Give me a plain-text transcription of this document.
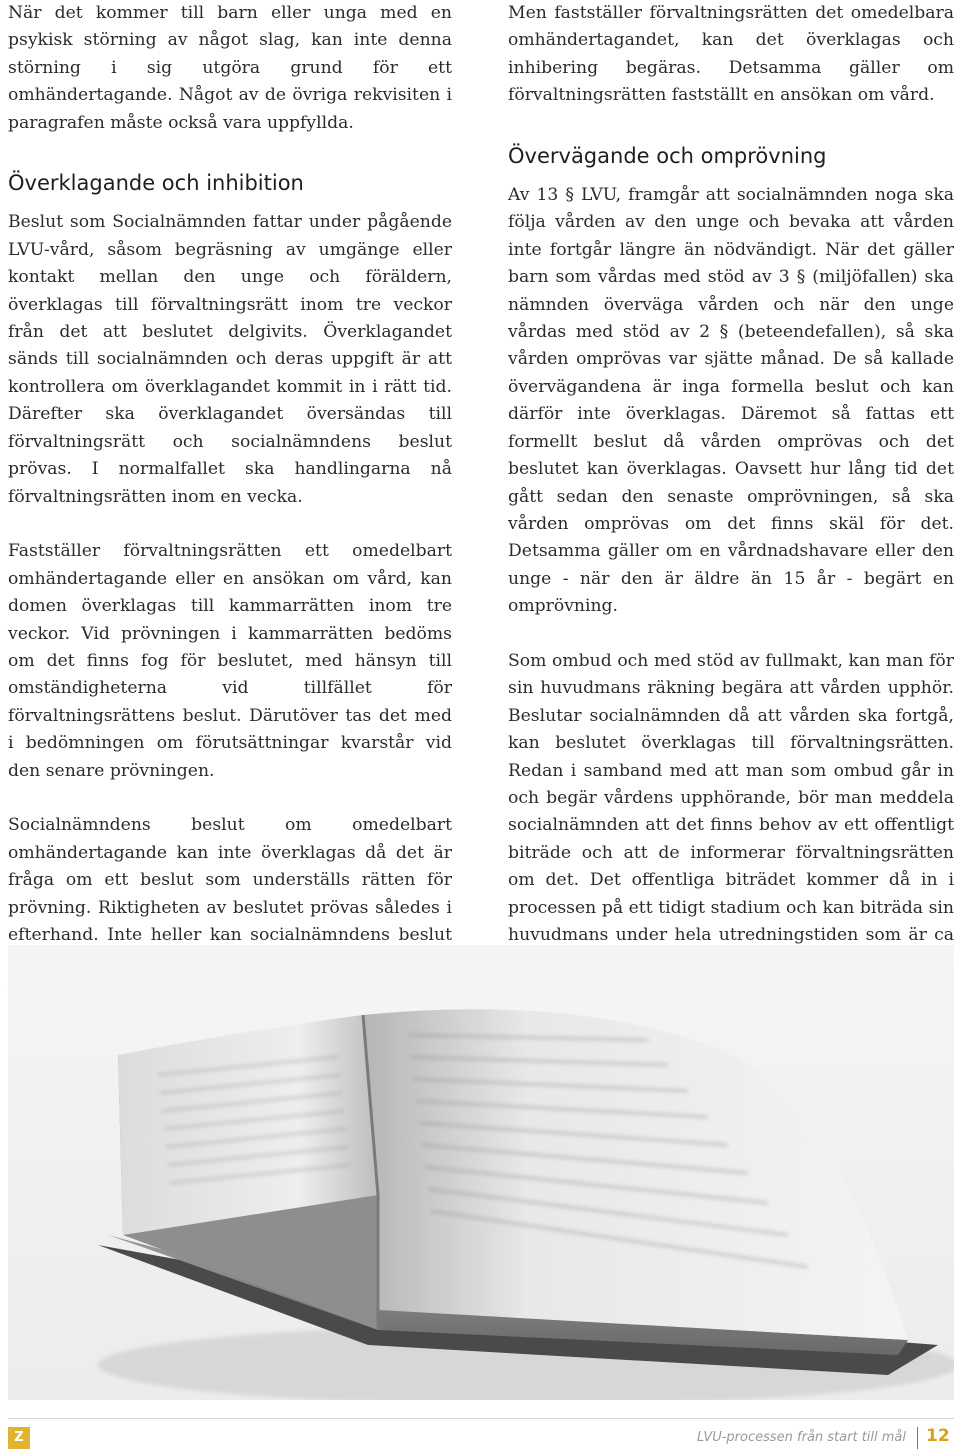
När det kommer till barn eller unga med en psykisk störning av något slag, kan inte denna störning i sig utgöra grund för ett omhändertagande. Något av de övriga rekvisiten i paragrafen måste också vara uppfyllda.

Överklagande och inhibition

Beslut som Socialnämnden fattar under pågående LVU-vård, såsom begräsning av umgänge eller kontakt mellan den unge och föräldern, överklagas till förvaltningsrätt inom tre veckor från det att beslutet delgivits. Överklagandet sänds till socialnämnden och deras uppgift är att kontrollera om överklagandet kommit in i rätt tid. Därefter ska överklagandet översändas till förvaltningsrätt och socialnämndens beslut prövas. I normalfallet ska handlingarna nå förvaltningsrätten inom en vecka.

Fastställer förvaltningsrätten ett omedelbart omhändertagande eller en ansökan om vård, kan domen överklagas till kammarrätten inom tre veckor. Vid prövningen i kammarrätten bedöms om det finns fog för beslutet, med hänsyn till omständigheterna vid tillfället för förvaltningsrättens beslut. Därutöver tas det med i bedömningen om förutsättningar kvarstår vid den senare prövningen.

Socialnämndens beslut om omedelbart omhändertagande kan inte överklagas då det är fråga om ett beslut som underställs rätten för prövning. Riktigheten av beslutet prövas således i efterhand. Inte heller kan socialnämndens beslut

Men fastställer förvaltningsrätten det omedelbara omhändertagandet, kan det överklagas och inhibering begäras. Detsamma gäller om förvaltningsrätten fastställt en ansökan om vård.

Övervägande och omprövning

Av 13 § LVU, framgår att socialnämnden noga ska följa vården av den unge och bevaka att vården inte fortgår längre än nödvändigt. När det gäller barn som vårdas med stöd av 3 § (miljöfallen) ska nämnden överväga vården och när den unge vårdas med stöd av 2 § (beteendefallen), så ska vården omprövas var sjätte månad. De så kallade övervägandena är inga formella beslut och kan därför inte överklagas. Däremot så fattas ett formellt beslut då vården omprövas och det beslutet kan överklagas. Oavsett hur lång tid det gått sedan den senaste omprövningen, så ska vården omprövas om det finns skäl för det. Detsamma gäller om en vårdnadshavare eller den unge - när den är äldre än 15 år - begärt en omprövning.

Som ombud och med stöd av fullmakt, kan man för sin huvudmans räkning begära att vården upphör. Beslutar socialnämnden då att vården ska fortgå, kan beslutet överklagas till förvaltningsrätten. Redan i samband med att man som ombud går in och begär vårdens upphörande, bör man meddela socialnämnden att det finns behov av ett offentligt biträde och att de informerar förvaltningsrätten om det. Det offentliga biträdet kommer då in i processen på ett tidigt stadium och kan biträda sin huvudmans under hela utredningstiden som är ca

Z	LVU-processen från start till mål 12
